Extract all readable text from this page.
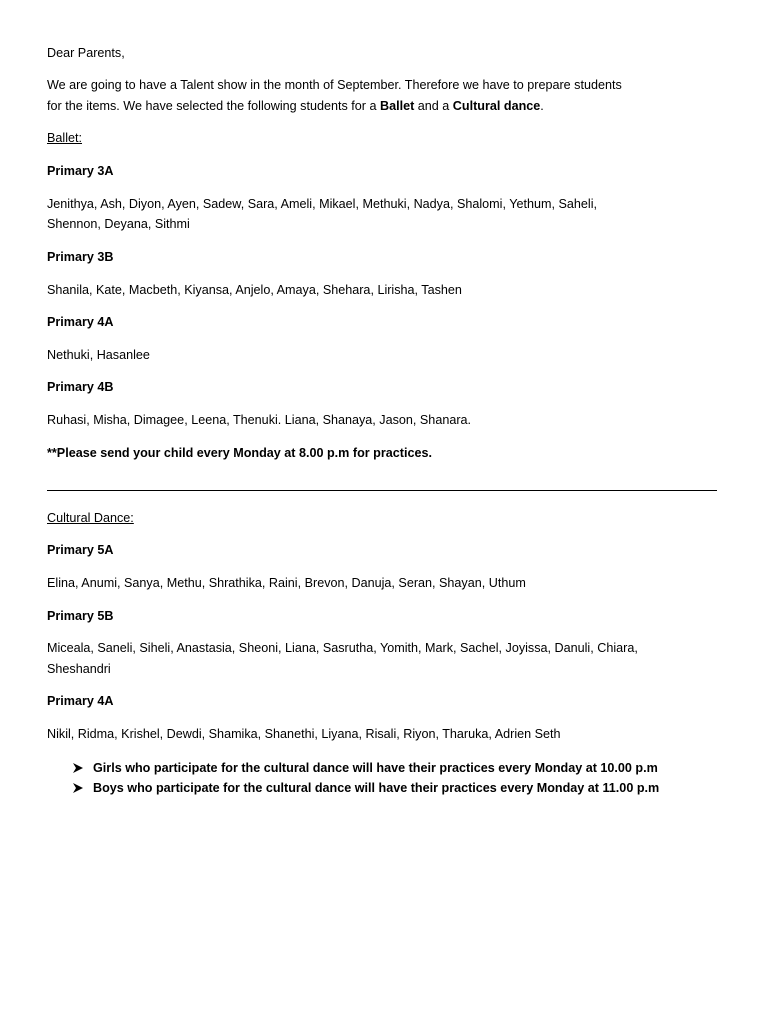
Dear Parents,

We are going to have a Talent show in the month of September. Therefore we have to prepare students

for the items. We have selected the following students for a Ballet and a Cultural dance.

Ballet:

Primary 3A

Jenithya, Ash, Diyon, Ayen, Sadew, Sara, Ameli, Mikael, Methuki, Nadya, Shalomi, Yethum, Saheli,

Shennon, Deyana, Sithmi

Primary 3B

Shanila, Kate, Macbeth, Kiyansa, Anjelo, Amaya, Shehara, Lirisha, Tashen

Primary 4A

Nethuki, Hasanlee

Primary 4B

Ruhasi, Misha, Dimagee, Leena, Thenuki. Liana, Shanaya, Jason, Shanara.

**Please send your child every Monday at 8.00 p.m for practices.

Cultural Dance:

Primary 5A

Elina, Anumi, Sanya, Methu, Shrathika, Raini, Brevon, Danuja, Seran, Shayan, Uthum

Primary 5B

Miceala, Saneli, Siheli, Anastasia, Sheoni, Liana, Sasrutha, Yomith, Mark, Sachel, Joyissa, Danuli, Chiara,

Sheshandri

Primary 4A

Nikil, Ridma, Krishel, Dewdi, Shamika, Shanethi, Liyana, Risali, Riyon, Tharuka, Adrien Seth

Girls who participate for the cultural dance will have their practices every Monday at 10.00 p.m
Boys who participate for the cultural dance will have their practices every Monday at 11.00 p.m
